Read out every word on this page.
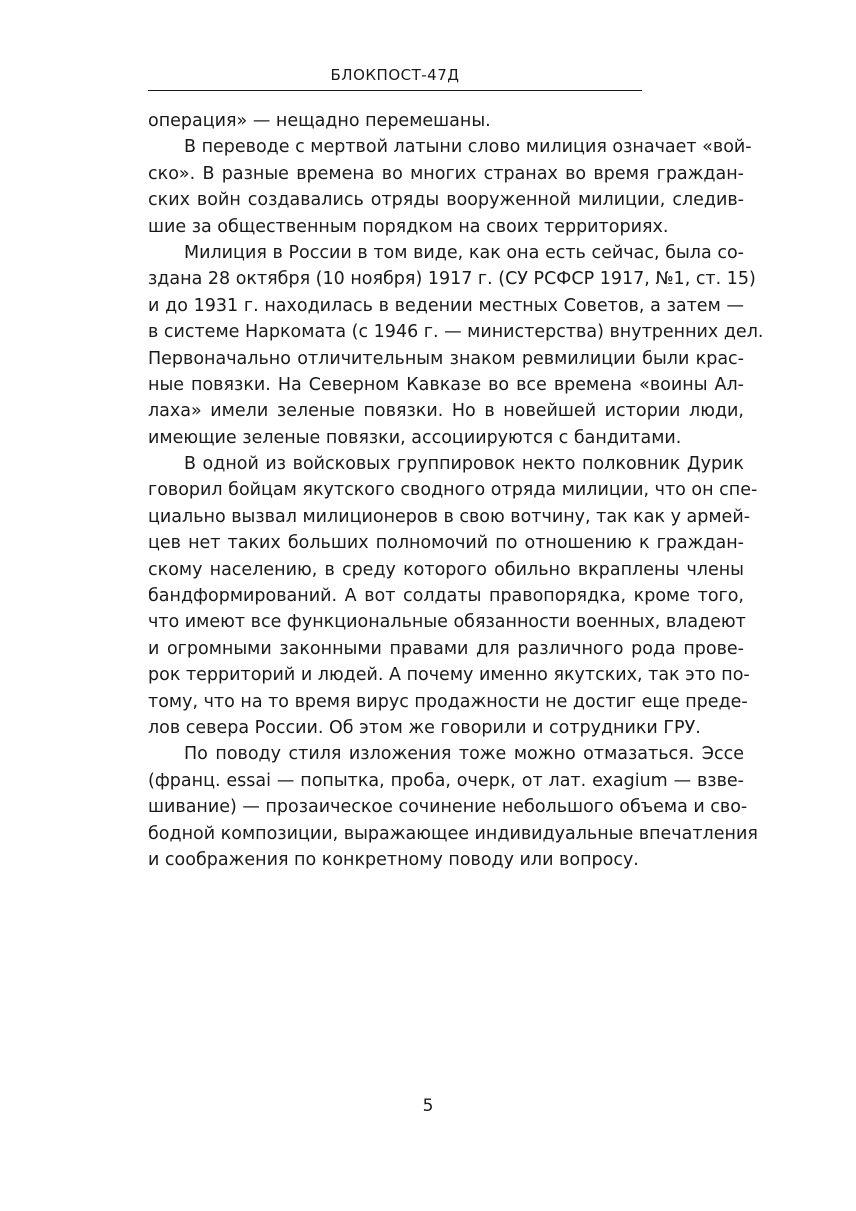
БЛОКПОСТ-47Д
операция» — нещадно перемешаны.
В переводе с мертвой латыни слово милиция означает «вой-
ско». В разные времена во многих странах во время граждан-
ских войн создавались отряды вооруженной милиции, следив-
шие за общественным порядком на своих территориях.
Милиция в России в том виде, как она есть сейчас, была со-
здана 28 октября (10 ноября) 1917 г. (СУ РСФСР 1917, №1, ст. 15)
и до 1931 г. находилась в ведении местных Советов, а затем —
в системе Наркомата (с 1946 г. — министерства) внутренних дел.
Первоначально отличительным знаком ревмилиции были крас-
ные повязки. На Северном Кавказе во все времена «воины Ал-
лаха» имели зеленые повязки. Но в новейшей истории люди,
имеющие зеленые повязки, ассоциируются с бандитами.
В одной из войсковых группировок некто полковник Дурик
говорил бойцам якутского сводного отряда милиции, что он спе-
циально вызвал милиционеров в свою вотчину, так как у армей-
цев нет таких больших полномочий по отношению к граждан-
скому населению, в среду которого обильно вкраплены члены
бандформирований. А вот солдаты правопорядка, кроме того,
что имеют все функциональные обязанности военных, владеют
и огромными законными правами для различного рода прове-
рок территорий и людей. А почему именно якутских, так это по-
тому, что на то время вирус продажности не достиг еще преде-
лов севера России. Об этом же говорили и сотрудники ГРУ.
По поводу стиля изложения тоже можно отмазаться. Эссе
(франц. essai — попытка, проба, очерк, от лат. exagium — взве-
шивание) — прозаическое сочинение небольшого объема и сво-
бодной композиции, выражающее индивидуальные впечатления
и соображения по конкретному поводу или вопросу.
5
